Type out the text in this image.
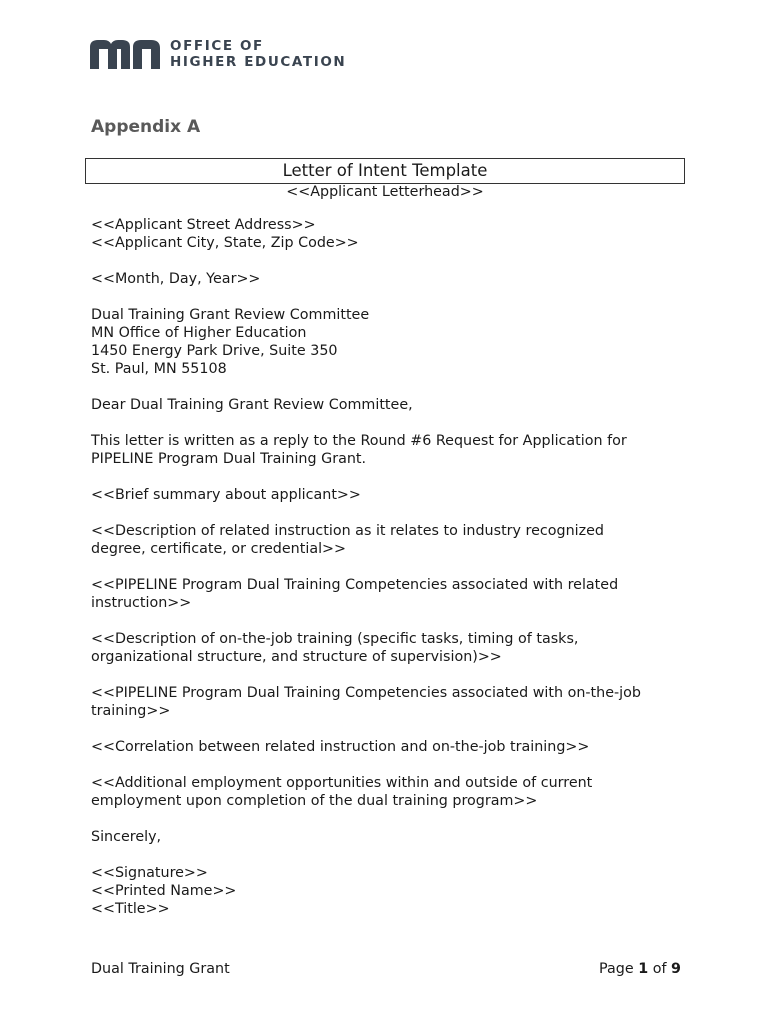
OFFICE OF
HIGHER EDUCATION
Appendix A
Letter of Intent Template
<<Applicant Letterhead>>
<<Applicant Street Address>>
<<Applicant City, State, Zip Code>>
<<Month, Day, Year>>
Dual Training Grant Review Committee
MN Office of Higher Education
1450 Energy Park Drive, Suite 350
St. Paul, MN 55108
Dear Dual Training Grant Review Committee,
This letter is written as a reply to the Round #6 Request for Application for
PIPELINE Program Dual Training Grant.
<<Brief summary about applicant>>
<<Description of related instruction as it relates to industry recognized
degree, certificate, or credential>>
<<PIPELINE Program Dual Training Competencies associated with related
instruction>>
<<Description of on-the-job training (specific tasks, timing of tasks,
organizational structure, and structure of supervision)>>
<<PIPELINE Program Dual Training Competencies associated with on-the-job
training>>
<<Correlation between related instruction and on-the-job training>>
<<Additional employment opportunities within and outside of current
employment upon completion of the dual training program>>
Sincerely,
<<Signature>>
<<Printed Name>>
<<Title>>
Dual Training Grant	Page 1 of 9
